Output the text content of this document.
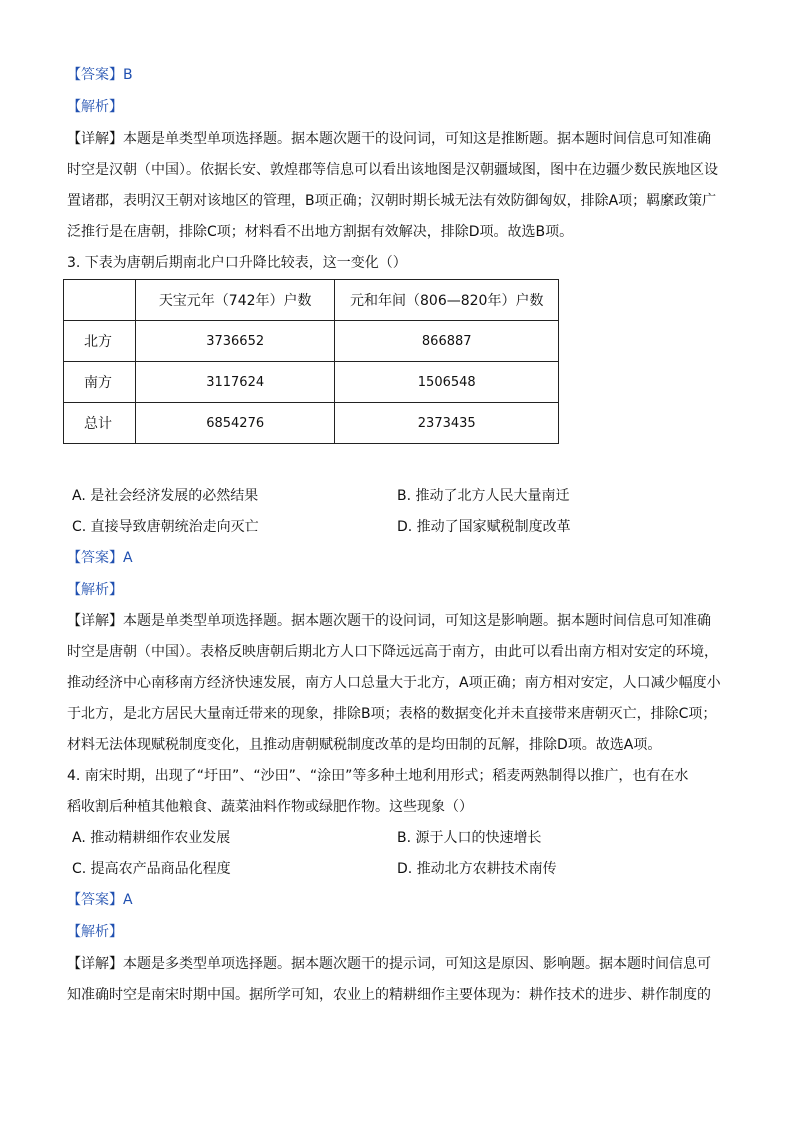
【答案】B
【解析】
【详解】本题是单类型单项选择题。据本题次题干的设问词，可知这是推断题。据本题时间信息可知准确
时空是汉朝（中国）。依据长安、敦煌郡等信息可以看出该地图是汉朝疆域图，图中在边疆少数民族地区设
置诸郡，表明汉王朝对该地区的管理，B项正确；汉朝时期长城无法有效防御匈奴，排除A项；羁縻政策广
泛推行是在唐朝，排除C项；材料看不出地方割据有效解决，排除D项。故选B项。
3. 下表为唐朝后期南北户口升降比较表，这一变化（）
	天宝元年（742年）户数	元和年间（806—820年）户数
北方	3736652	866887
南方	3117624	1506548
总计	6854276	2373435
A. 是社会经济发展的必然结果	B. 推动了北方人民大量南迁
C. 直接导致唐朝统治走向灭亡	D. 推动了国家赋税制度改革
【答案】A
【解析】
【详解】本题是单类型单项选择题。据本题次题干的设问词，可知这是影响题。据本题时间信息可知准确
时空是唐朝（中国）。表格反映唐朝后期北方人口下降远远高于南方，由此可以看出南方相对安定的环境，
推动经济中心南移南方经济快速发展，南方人口总量大于北方，A项正确；南方相对安定，人口减少幅度小
于北方，是北方居民大量南迁带来的现象，排除B项；表格的数据变化并未直接带来唐朝灭亡，排除C项；
材料无法体现赋税制度变化，且推动唐朝赋税制度改革的是均田制的瓦解，排除D项。故选A项。
4. 南宋时期，出现了“圩田”、“沙田”、“涂田”等多种土地利用形式；稻麦两熟制得以推广，也有在水
稻收割后种植其他粮食、蔬菜油料作物或绿肥作物。这些现象（）
A. 推动精耕细作农业发展	B. 源于人口的快速增长
C. 提高农产品商品化程度	D. 推动北方农耕技术南传
【答案】A
【解析】
【详解】本题是多类型单项选择题。据本题次题干的提示词，可知这是原因、影响题。据本题时间信息可
知准确时空是南宋时期中国。据所学可知，农业上的精耕细作主要体现为：耕作技术的进步、耕作制度的
